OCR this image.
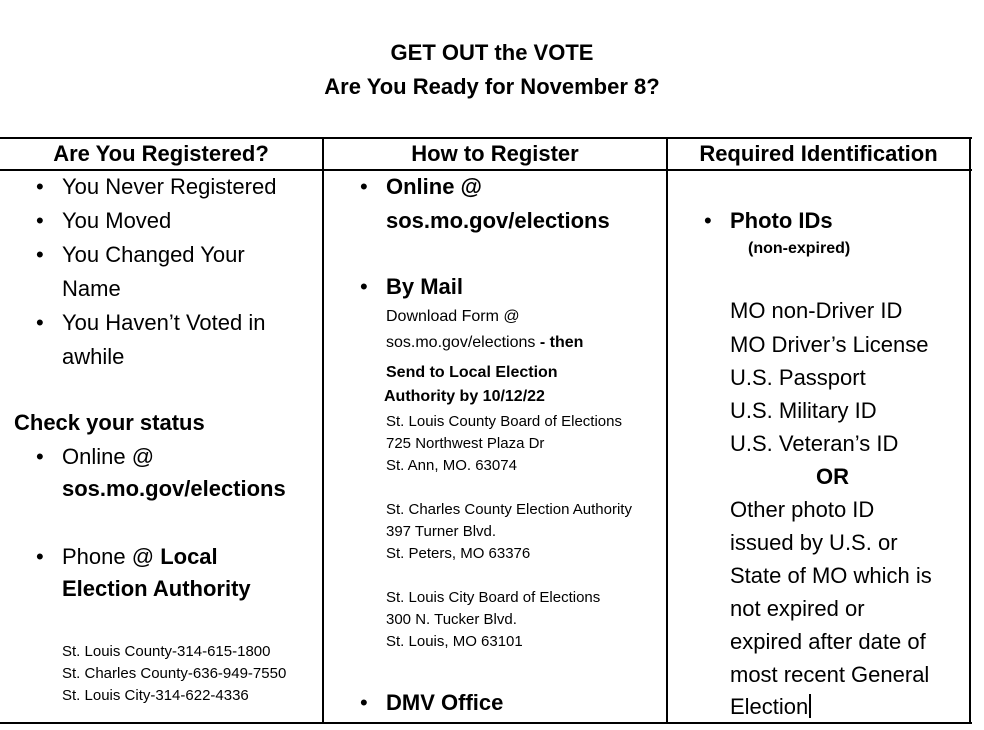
GET OUT the VOTE
Are You Ready for November 8?
Are You Registered?	How to Register	Required Identification
• You Never Registered
• You Moved
• You Changed Your
Name
• You Haven’t Voted in
awhile
Check your status
• Online @
sos.mo.gov/elections
• Phone @ Local
Election Authority
St. Louis County-314-615-1800
St. Charles County-636-949-7550
St. Louis City-314-622-4336
• Online @
sos.mo.gov/elections
• By Mail
Download Form @
sos.mo.gov/elections - then
Send to Local Election
Authority by 10/12/22
St. Louis County Board of Elections
725 Northwest Plaza Dr
St. Ann, MO. 63074
St. Charles County Election Authority
397 Turner Blvd.
St. Peters, MO 63376
St. Louis City Board of Elections
300 N. Tucker Blvd.
St. Louis, MO 63101
• DMV Office
• Photo IDs
(non-expired)
MO non-Driver ID
MO Driver’s License
U.S. Passport
U.S. Military ID
U.S. Veteran’s ID
OR
Other photo ID
issued by U.S. or
State of MO which is
not expired or
expired after date of
most recent General
Election
